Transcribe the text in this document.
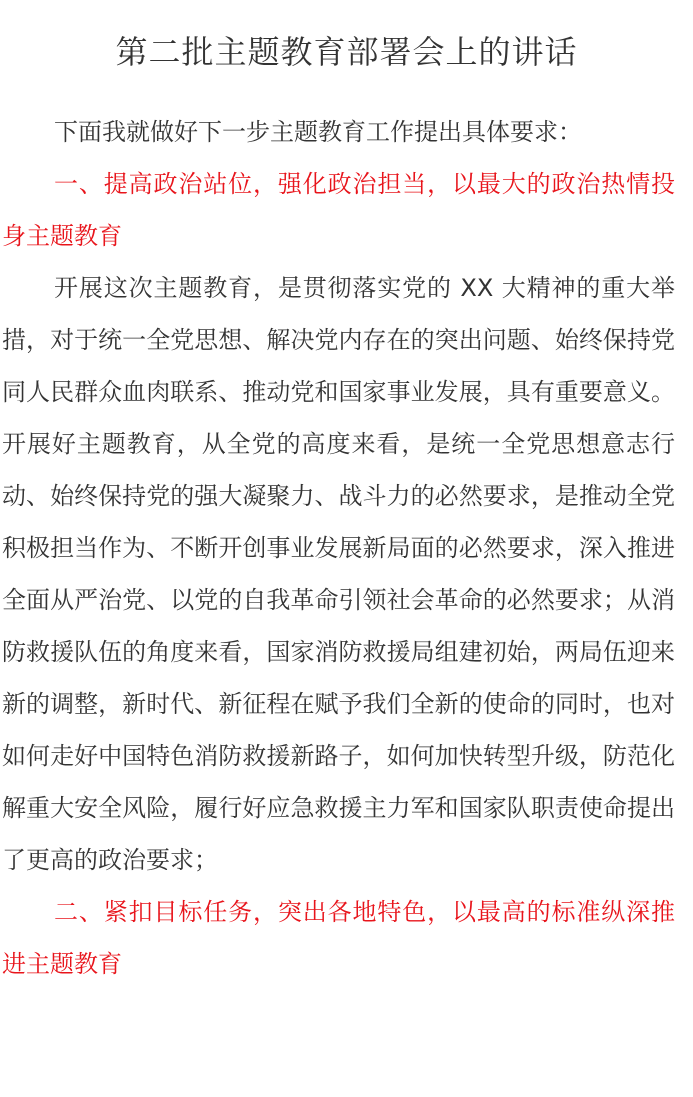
第二批主题教育部署会上的讲话

下面我就做好下一步主题教育工作提出具体要求：

一、提高政治站位，强化政治担当，以最大的政治热情投身主题教育

开展这次主题教育，是贯彻落实党的 XX 大精神的重大举措，对于统一全党思想、解决党内存在的突出问题、始终保持党同人民群众血肉联系、推动党和国家事业发展，具有重要意义。开展好主题教育，从全党的高度来看，是统一全党思想意志行动、始终保持党的强大凝聚力、战斗力的必然要求，是推动全党积极担当作为、不断开创事业发展新局面的必然要求，深入推进全面从严治党、以党的自我革命引领社会革命的必然要求；从消防救援队伍的角度来看，国家消防救援局组建初始，两局伍迎来新的调整，新时代、新征程在赋予我们全新的使命的同时，也对如何走好中国特色消防救援新路子，如何加快转型升级，防范化解重大安全风险，履行好应急救援主力军和国家队职责使命提出了更高的政治要求；

二、紧扣目标任务，突出各地特色，以最高的标准纵深推进主题教育
